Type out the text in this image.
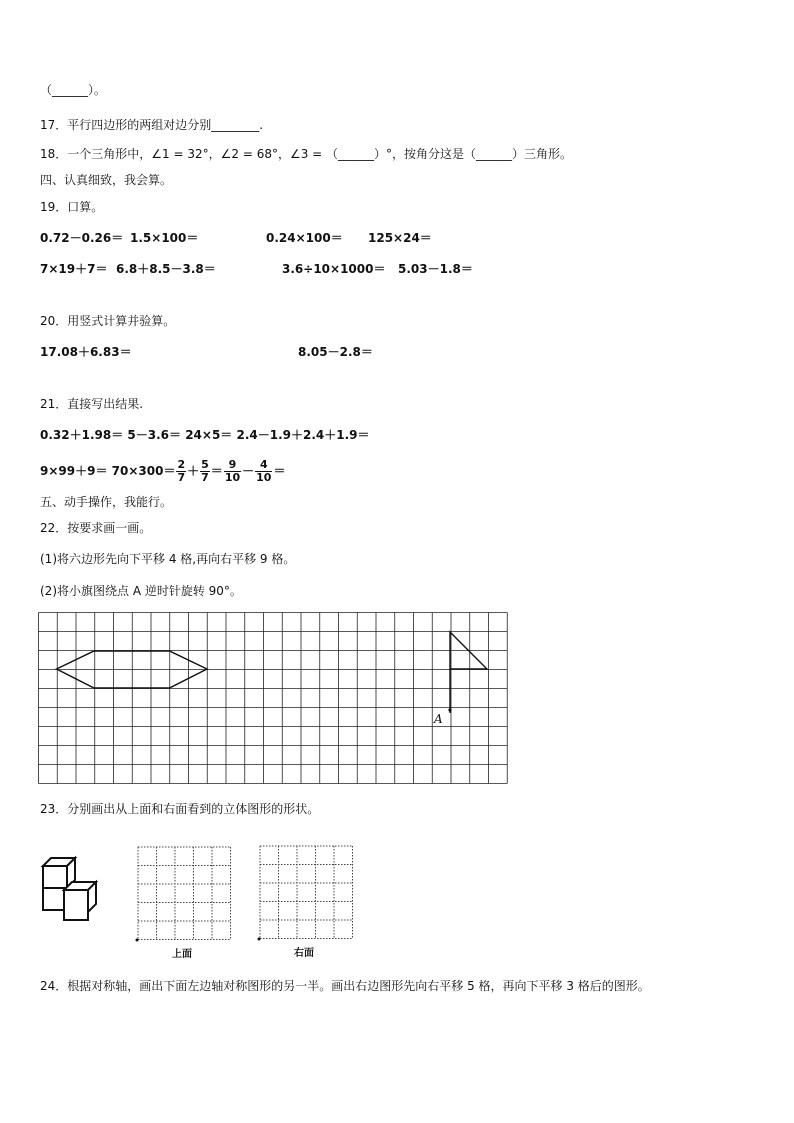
（______）。
17．平行四边形的两组对边分别________.
18．一个三角形中，∠1 = 32°，∠2 = 68°，∠3 = （______）°，按角分这是（______）三角形。
四、认真细致，我会算。
19．口算。
0.72－0.26＝ 1.5×100＝	0.24×100＝ 125×24＝
7×19＋7＝ 6.8＋8.5－3.8＝	3.6÷10×1000＝ 5.03－1.8＝
20．用竖式计算并验算。
17.08＋6.83＝	8.05－2.8＝
21．直接写出结果.
0.32＋1.98＝ 5－3.6＝ 24×5＝ 2.4－1.9＋2.4＋1.9＝
$9\times 99+9= 70\times 300= \frac{2}{7} + \frac{5}{7} = \frac{9}{10} - \frac{4}{10}$ ＝
五、动手操作，我能行。
22．按要求画一画。
(1)将六边形先向下平移 4 格,再向右平移 9 格。
(2)将小旗图绕点 A 逆时针旋转 90°。
A
23．分别画出从上面和右面看到的立体图形的形状。
上面	右面
24．根据对称轴，画出下面左边轴对称图形的另一半。画出右边图形先向右平移 5 格，再向下平移 3 格后的图形。
